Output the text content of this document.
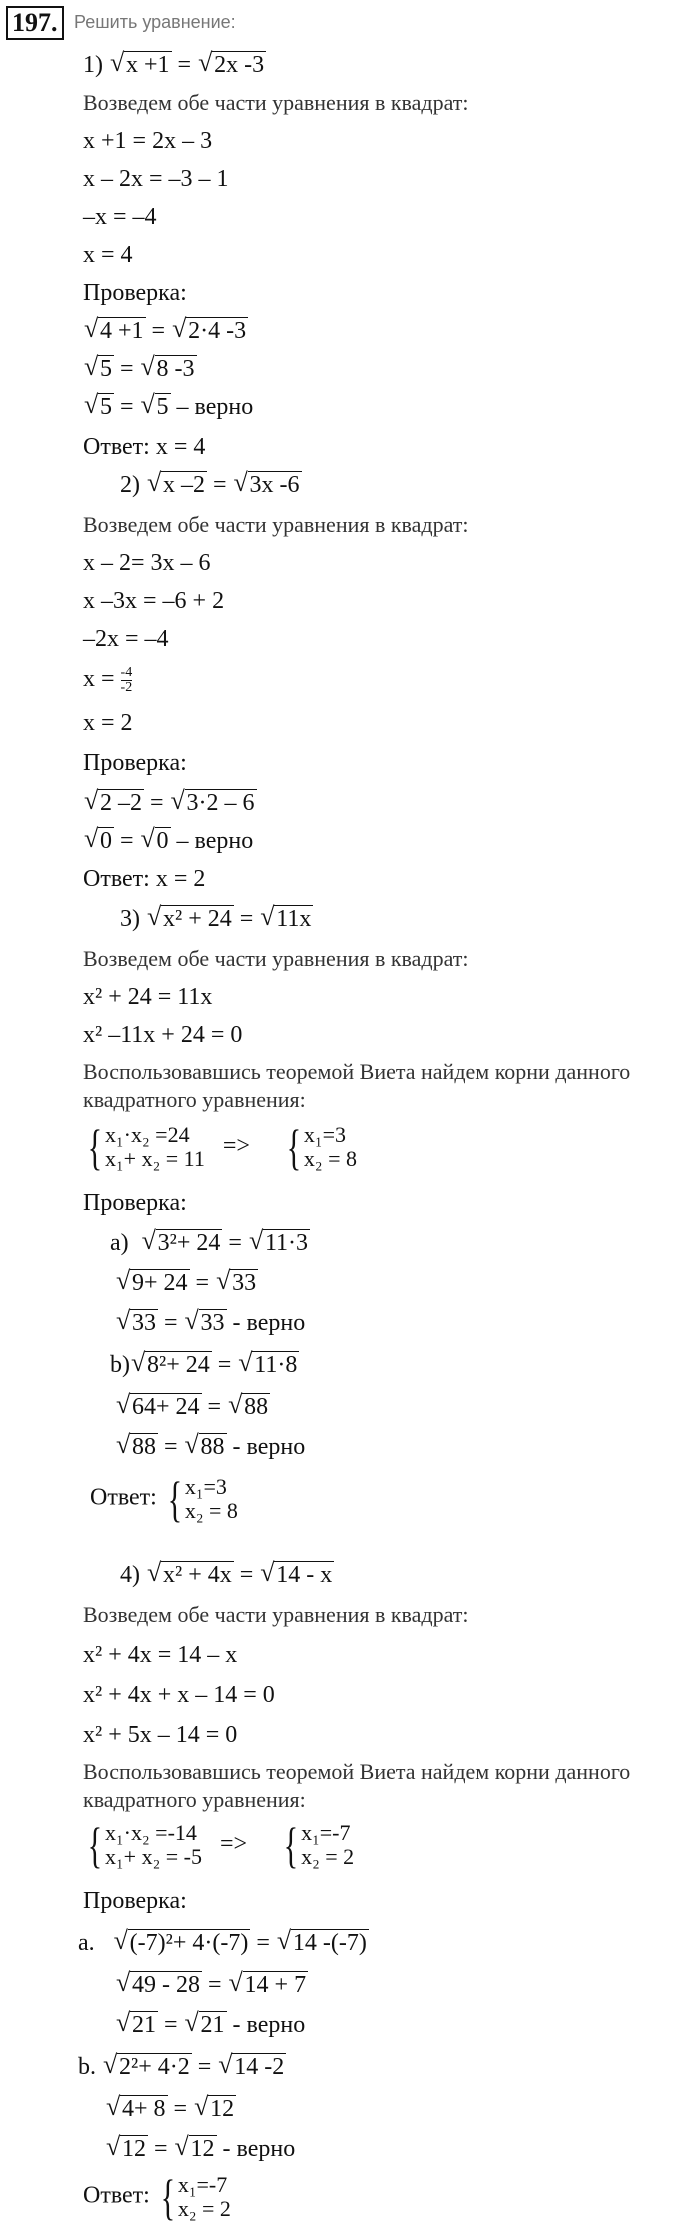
197. Решить уравнение:
1) √ x +1 = √ 2x -3
Возведем обе части уравнения в квадрат:
x +1 = 2x – 3
x – 2x = –3 – 1
–x = –4
x = 4
Проверка:
√ 4 +1 = √ 2·4 -3
√ 5 = √ 8 -3
√ 5 = √ 5 – верно
Ответ: x = 4
2) √ x –2 = √ 3x -6
Возведем обе части уравнения в квадрат:
x – 2= 3x – 6
x –3x = –6 + 2
–2x = –4
$x = \frac{-4}{-2}$
x = 2
Проверка:
√ 2 –2 = √ 3·2 – 6
√ 0 = √ 0 – верно
Ответ: x = 2
3) √ x² + 24 = √ 11x
Возведем обе части уравнения в квадрат:
x² + 24 = 11x
x² –11x + 24 = 0
Воспользовавшись теоремой Виета найдем корни данного квадратного уравнения:
{ x₁·x₂ =24
x₁+ x₂ = 11 => { x₁=3
x₂ = 8
Проверка:
a) √ 3²+ 24 = √ 11·3
√ 9+ 24 = √ 33
√ 33 = √ 33 - верно
b) √ 8²+ 24 = √ 11·8
√ 64+ 24 = √ 88
√ 88 = √ 88 - верно
Ответ: { x₁=3
x₂ = 8
4) √ x² + 4x = √ 14 - x
Возведем обе части уравнения в квадрат:
x² + 4x = 14 – x
x² + 4x + x – 14 = 0
x² + 5x – 14 = 0
Воспользовавшись теоремой Виета найдем корни данного квадратного уравнения:
{ x₁·x₂ =-14
x₁+ x₂ = -5 => { x₁=-7
x₂ = 2
Проверка:
a. √ (-7)²+ 4·(-7) = √ 14 -(-7)
√ 49 - 28 = √ 14 + 7
√ 21 = √ 21 - верно
b. √ 2²+ 4·2 = √ 14 -2
√ 4+ 8 = √ 12
√ 12 = √ 12 - верно
Ответ: { x₁=-7
x₂ = 2
